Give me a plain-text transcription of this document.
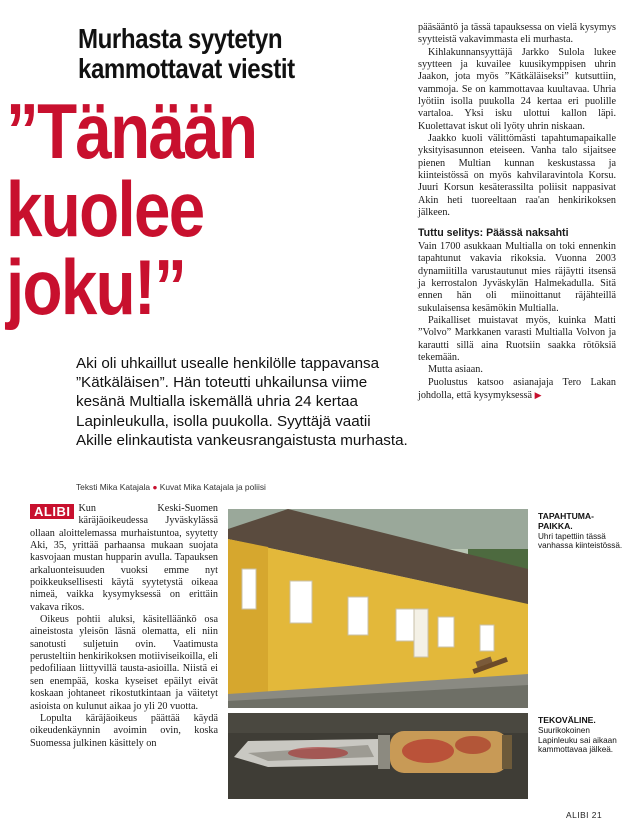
Murhasta syytetyn
kammottavat viestit
”Tänään
kuolee
joku!”
Aki oli uhkaillut usealle henkilölle tappavansa ”Kätkäläisen”. Hän toteutti uhkailunsa viime kesänä Multialla iskemällä uhria 24 kertaa Lapinleukulla, isolla puukolla. Syyttäjä vaatii Akille elinkautista vankeusrangaistusta murhasta.
Teksti Mika Katajala ● Kuvat Mika Katajala ja poliisi

pääsääntö ja tässä tapauksessa on vielä kysymys syytteistä vakavimmasta eli murhasta.

Kihlakunnansyyttäjä Jarkko Sulola lukee syytteen ja kuvailee kuusikymppisen uhrin Jaakon, jota myös ”Kätkäläiseksi” kutsuttiin, vammoja. Se on kammottavaa kuultavaa. Uhria lyötiin isolla puukolla 24 kertaa eri puolille vartaloa. Yksi isku ulottui kallon läpi. Kuolettavat iskut oli lyöty uhrin niskaan.

Jaakko kuoli välittömästi tapahtumapaikalle yksityisasunnon eteiseen. Vanha talo sijaitsee pienen Multian kunnan keskustassa ja kiinteistössä on myös kahvilaravintola Korsu. Juuri Korsun kesäterassilta poliisit nappasivat Akin heti tuoreeltaan raa'an henkirikoksen jälkeen.

Tuttu selitys: Päässä naksahti

Vain 1700 asukkaan Multialla on toki ennenkin tapahtunut vakavia rikoksia. Vuonna 2003 dynamiitilla varustautunut mies räjäytti itsensä ja kerrostalon Jyväskylän Halmekadulla. Sitä ennen hän oli miinoittanut räjähteillä sukulaisensa kesämökin Multialla.

Paikalliset muistavat myös, kuinka Matti ”Volvo” Markkanen varasti Multialla Volvon ja karautti sillä aina Ruotsiin saakka rötöksiä tekemään.

Mutta asiaan.

Puolustus katsoo asianajaja Tero Lakan johdolla, että kysymyksessä ▶

ALIBI Kun Keski-Suomen käräjäoikeudessa Jyväskylässä ollaan aloittelemassa murhaistuntoa, syytetty Aki, 35, yrittää parhaansa mukaan suojata kasvojaan mustan hupparin avulla. Tapauksen arkaluonteisuuden vuoksi emme nyt poikkeuksellisesti käytä syytetystä oikeaa nimeä, vaikka kysymyksessä on erittäin vakava rikos.

Oikeus pohtii aluksi, käsitelläänkö osa aineistosta yleisön läsnä olematta, eli niin sanotusti suljetuin ovin. Vaatimusta perusteltiin henkirikoksen motiiviseikoilla, eli pedofiliaan liittyvillä tausta-asioilla. Niistä ei sen enempää, koska kyseiset epäilyt eivät koskaan johtaneet rikostutkintaan ja väitetyt asioista on kulunut aikaa jo yli 20 vuotta.

Lopulta käräjäoikeus päättää käydä oikeudenkäynnin avoimin ovin, koska Suomessa julkinen käsittely on

TAPAHTUMA-PAIKKA.
Uhri tapettiin tässä vanhassa kiinteistössä.
TEKOVÄLINE.
Suurikokoinen Lapinleuku sai aikaan kammottavaa jälkeä.
ALIBI 21
